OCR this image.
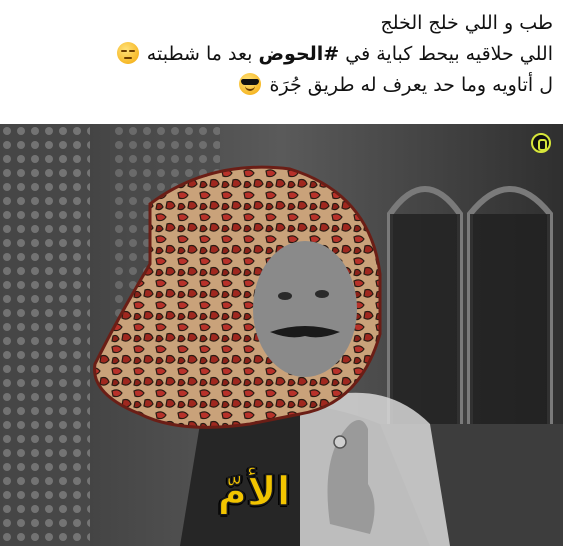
طب و اللي خلج الخلج
اللي حلاقيه بيحط كباية في #الحوض بعد ما شطبته
ل أتاويه وما حد يعرف له طريق جُرَة
الأمّ
